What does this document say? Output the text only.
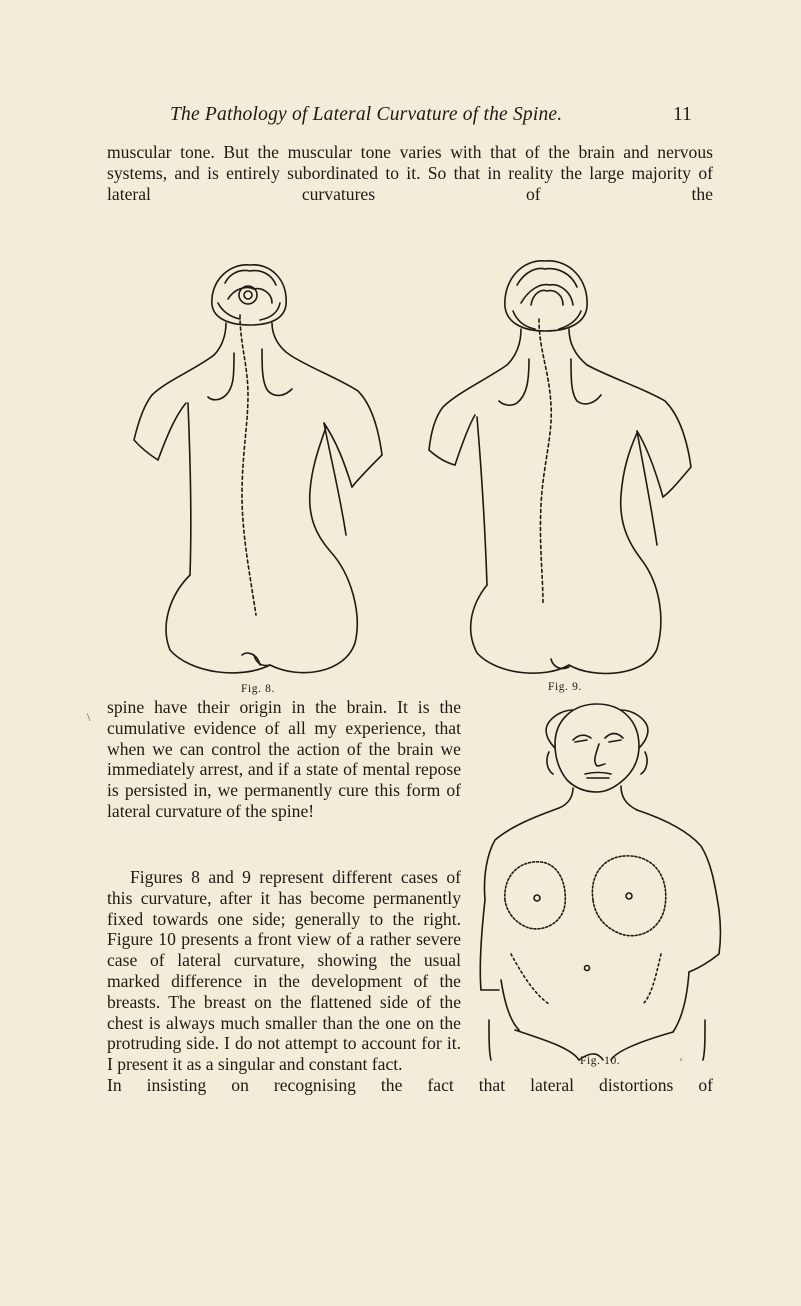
The Pathology of Lateral Curvature of the Spine.	11

muscular tone. But the muscular tone varies with that of the brain and nervous systems, and is entirely subordinated to it. So that in reality the large majority of lateral curvatures of the

Fig. 8.	Fig. 9.

spine have their origin in the brain. It is the cumulative evidence of all my experience, that when we can control the action of the brain we immediately arrest, and if a state of mental repose is persisted in, we permanently cure this form of lateral curvature of the spine!

Figures 8 and 9 represent different cases of this curvature, after it has become permanently fixed towards one side; generally to the right. Figure 10 presents a front view of a rather severe case of lateral curvature, showing the usual marked difference in the development of the breasts. The breast on the flattened side of the chest is always much smaller than the one on the protruding side. I do not attempt to account for it. I present it as a singular and constant fact.	Fig. 10.

In insisting on recognising the fact that lateral distortions of

\
'
